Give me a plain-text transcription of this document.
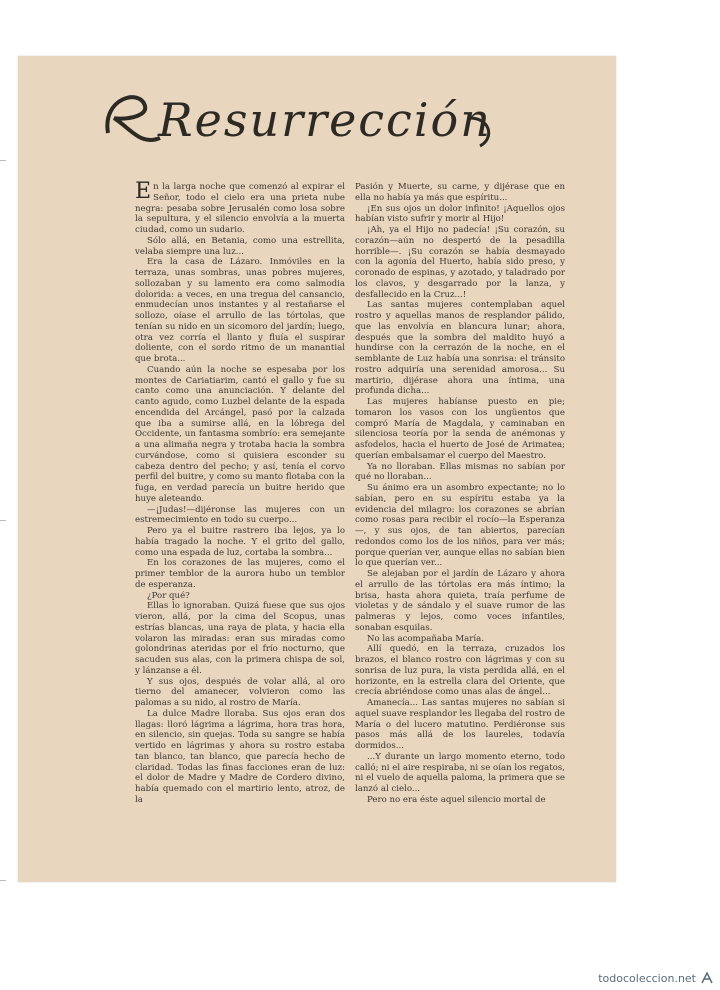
Resurrección

En la larga noche que comenzó al expirar el Señor, todo el cielo era una prieta nube negra: pesaba sobre Jerusalén como losa sobre la sepultura, y el silencio envolvía a la muerta ciudad, como un sudario.

Sólo allá, en Betania, como una estrellita, velaba siempre una luz...

Era la casa de Lázaro. Inmóviles en la terraza, unas sombras, unas pobres mujeres, sollozaban y su lamento era como salmodia dolorida: a veces, en una tregua del cansancio, enmudecían unos instantes y al restañarse el sollozo, oíase el arrullo de las tórtolas, que tenían su nido en un sicomoro del jardín; luego, otra vez corría el llanto y fluía el suspirar doliente, con el sordo ritmo de un manantial que brota...

Cuando aún la noche se espesaba por los montes de Cariatiarim, cantó el gallo y fue su canto como una anunciación. Y delante del canto agudo, como Luzbel delante de la espada encendida del Arcángel, pasó por la calzada que iba a sumirse allá, en la lóbrega del Occidente, un fantasma sombrío: era semejante a una alimaña negra y trotaba hacia la sombra curvándose, como si quisiera esconder su cabeza dentro del pecho; y así, tenía el corvo perfil del buitre, y como su manto flotaba con la fuga, en verdad parecía un buitre herido que huye aleteando.

—¡Judas!—dijéronse las mujeres con un estremecimiento en todo su cuerpo...

Pero ya el buitre rastrero iba lejos, ya lo había tragado la noche. Y el grito del gallo, como una espada de luz, cortaba la sombra...

En los corazones de las mujeres, como el primer temblor de la aurora hubo un temblor de esperanza.

¿Por qué?

Ellas lo ignoraban. Quizá fuese que sus ojos vieron, allá, por la cima del Scopus, unas estrías blancas, una raya de plata, y hacia ella volaron las miradas: eran sus miradas como golondrinas ateridas por el frío nocturno, que sacuden sus alas, con la primera chispa de sol, y lánzanse a él.

Y sus ojos, después de volar allá, al oro tierno del amanecer, volvieron como las palomas a su nido, al rostro de María.

La dulce Madre lloraba. Sus ojos eran dos llagas: lloró lágrima a lágrima, hora tras hora, en silencio, sin quejas. Toda su sangre se había vertido en lágrimas y ahora su rostro estaba tan blanco, tan blanco, que parecía hecho de claridad. Todas las finas facciones eran de luz: el dolor de Madre y Madre de Cordero divino, había quemado con el martirio lento, atroz, de la

Pasión y Muerte, su carne, y dijérase que en ella no había ya más que espíritu...

¡En sus ojos un dolor infinito! ¡Aquellos ojos habían visto sufrir y morir al Hijo!

¡Ah, ya el Hijo no padecía! ¡Su corazón, su corazón—aún no despertó de la pesadilla horrible—. ¡Su corazón se había desmayado con la agonía del Huerto, había sido preso, y coronado de espinas, y azotado, y taladrado por los clavos, y desgarrado por la lanza, y desfallecido en la Cruz...!

Las santas mujeres contemplaban aquel rostro y aquellas manos de resplandor pálido, que las envolvía en blancura lunar; ahora, después que la sombra del maldito huyó a hundirse con la cerrazón de la noche, en el semblante de Luz había una sonrisa: el tránsito rostro adquiría una serenidad amorosa... Su martirio, dijérase ahora una íntima, una profunda dicha...

Las mujeres habíanse puesto en pie; tomaron los vasos con los ungüentos que compró María de Magdala, y caminaban en silenciosa teoría por la senda de anémonas y asfodelos, hacia el huerto de José de Arimatea; querían embalsamar el cuerpo del Maestro.

Ya no lloraban. Ellas mismas no sabían por qué no lloraban...

Su ánimo era un asombro expectante; no lo sabían, pero en su espíritu estaba ya la evidencia del milagro: los corazones se abrían como rosas para recibir el rocío—la Esperanza—, y sus ojos, de tan abiertos, parecían redondos como los de los niños, para ver más; porque querían ver, aunque ellas no sabían bien lo que querían ver...

Se alejaban por el jardín de Lázaro y ahora el arrullo de las tórtolas era más íntimo; la brisa, hasta ahora quieta, traía perfume de violetas y de sándalo y el suave rumor de las palmeras y lejos, como voces infantiles, sonaban esquilas.

No las acompañaba María.

Allí quedó, en la terraza, cruzados los brazos, el blanco rostro con lágrimas y con su sonrisa de luz pura, la vista perdida allá, en el horizonte, en la estrella clara del Oriente, que crecía abriéndose como unas alas de ángel...

Amanecía... Las santas mujeres no sabían si aquel suave resplandor les llegaba del rostro de María o del lucero matutino. Perdiéronse sus pasos más allá de los laureles, todavía dormidos...

...Y durante un largo momento eterno, todo calló; ni el aire respiraba, ni se oían los regatos, ni el vuelo de aquella paloma, la primera que se lanzó al cielo...

Pero no era éste aquel silencio mortal de

todocoleccion.net
